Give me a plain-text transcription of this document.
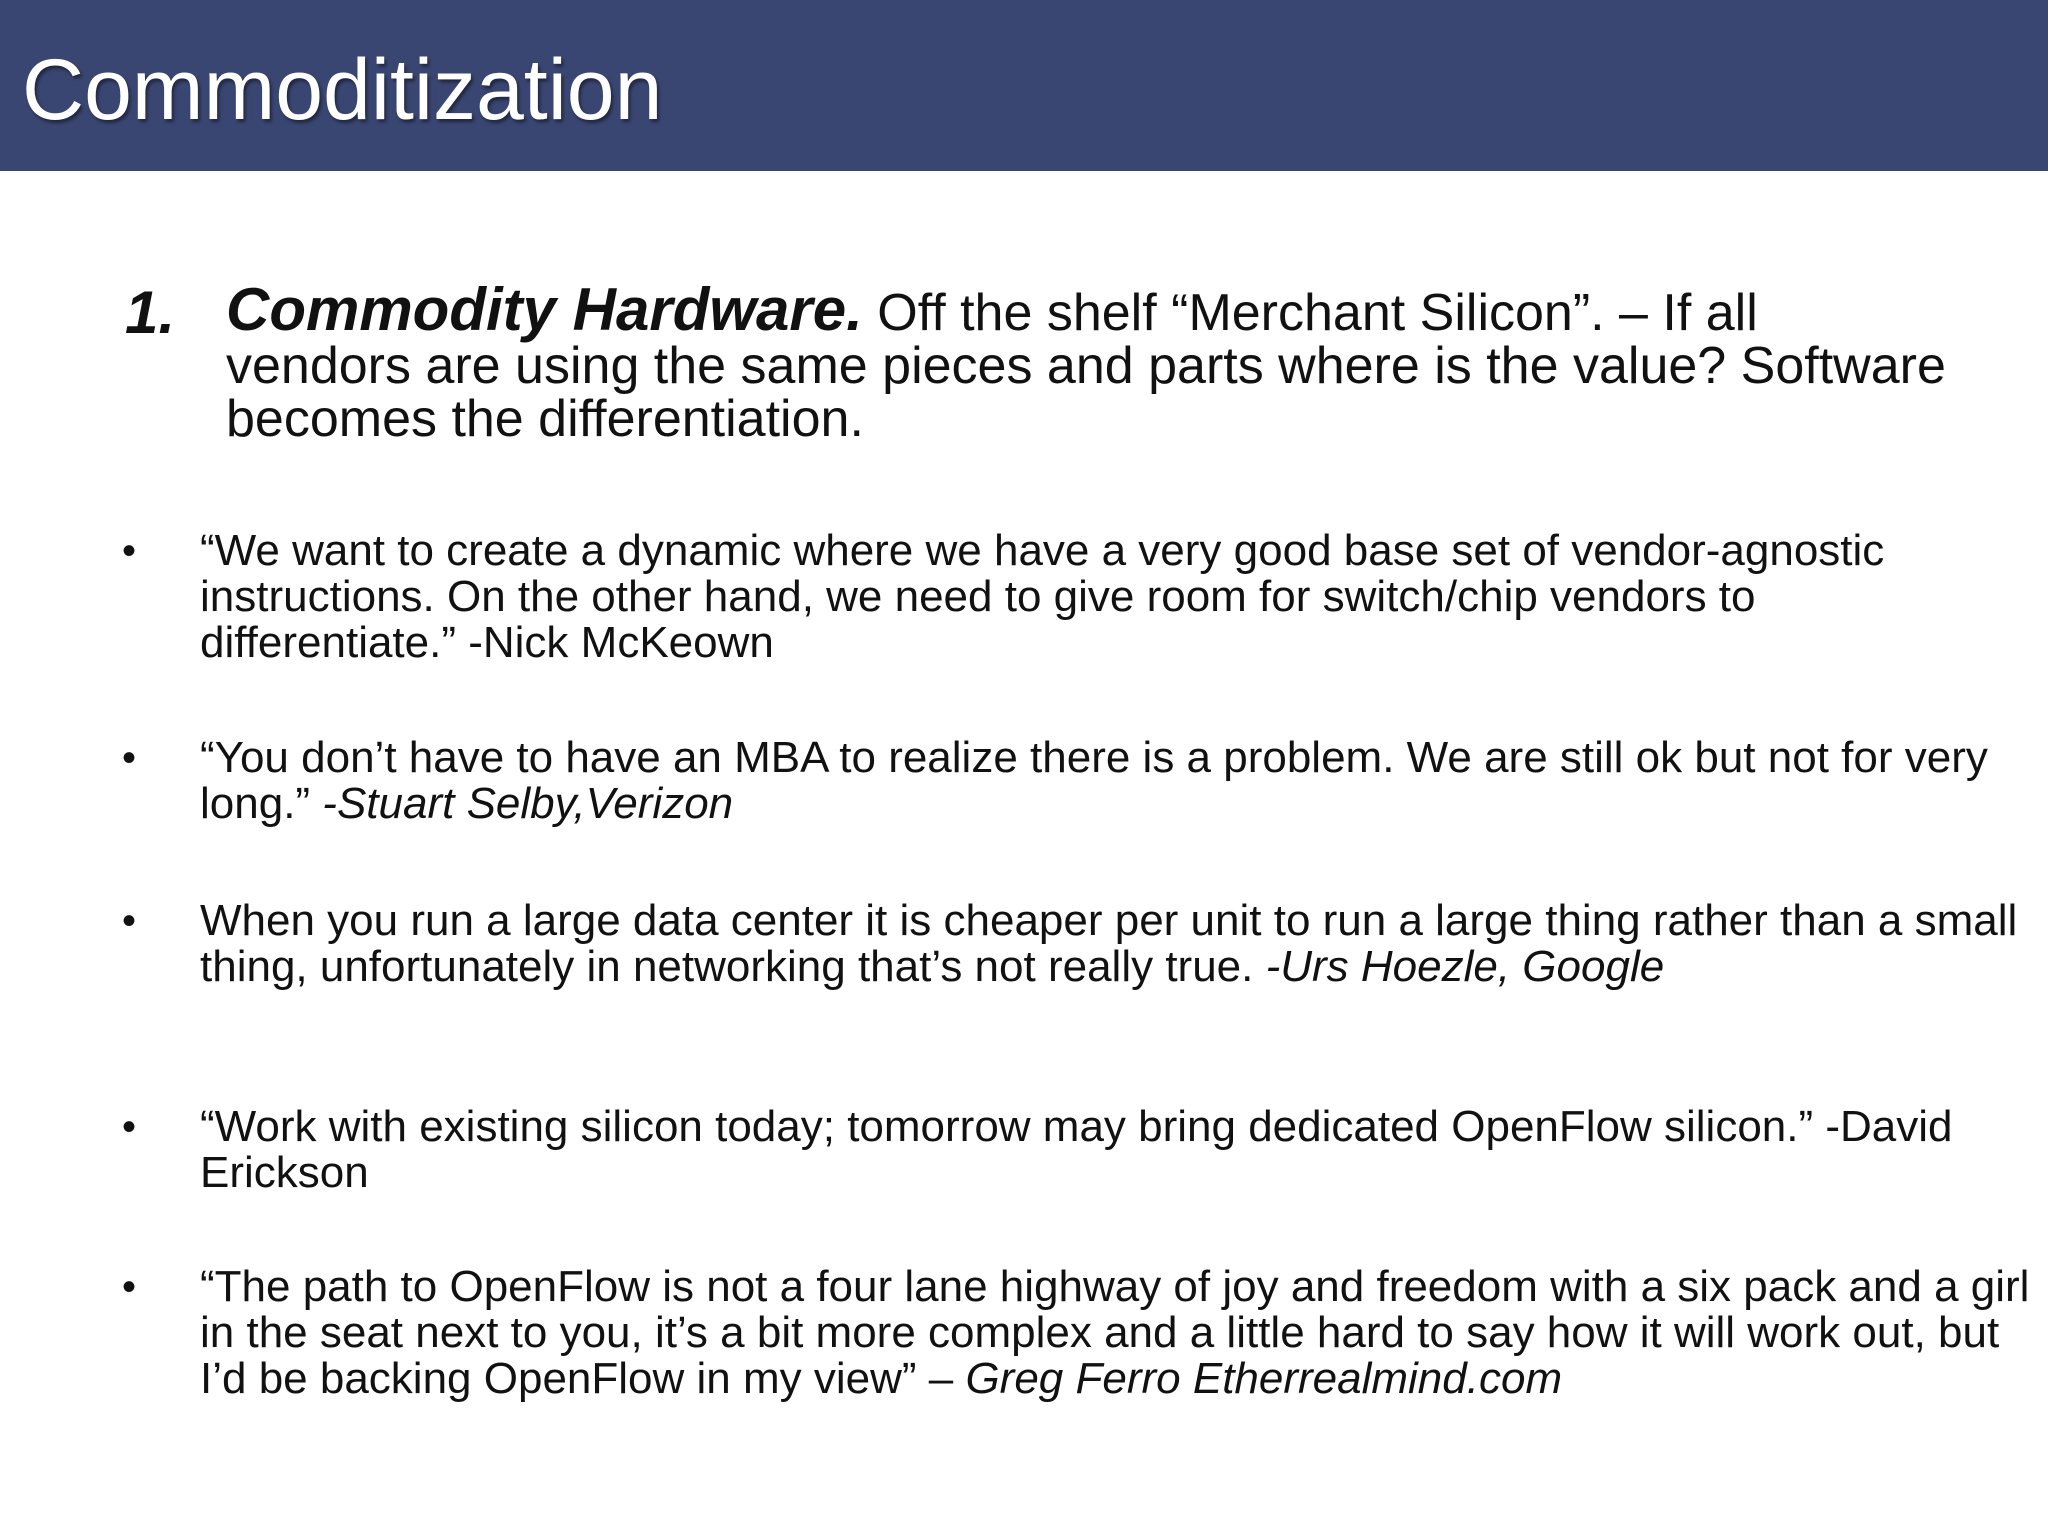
Commoditization
1. Commodity Hardware. Off the shelf “Merchant Silicon”. – If all vendors are using the same pieces and parts where is the value? Software becomes the differentiation.
• “We want to create a dynamic where we have a very good base set of vendor-agnostic instructions. On the other hand, we need to give room for switch/chip vendors to differentiate.” -Nick McKeown
• “You don’t have to have an MBA to realize there is a problem. We are still ok but not for very long.” -Stuart Selby,Verizon
• When you run a large data center it is cheaper per unit to run a large thing rather than a small thing, unfortunately in networking that’s not really true. -Urs Hoezle, Google
• “Work with existing silicon today; tomorrow may bring dedicated OpenFlow silicon.” -David Erickson
• “The path to OpenFlow is not a four lane highway of joy and freedom with a six pack and a girl in the seat next to you, it’s a bit more complex and a little hard to say how it will work out, but I’d be backing OpenFlow in my view” – Greg Ferro Etherrealmind.com
